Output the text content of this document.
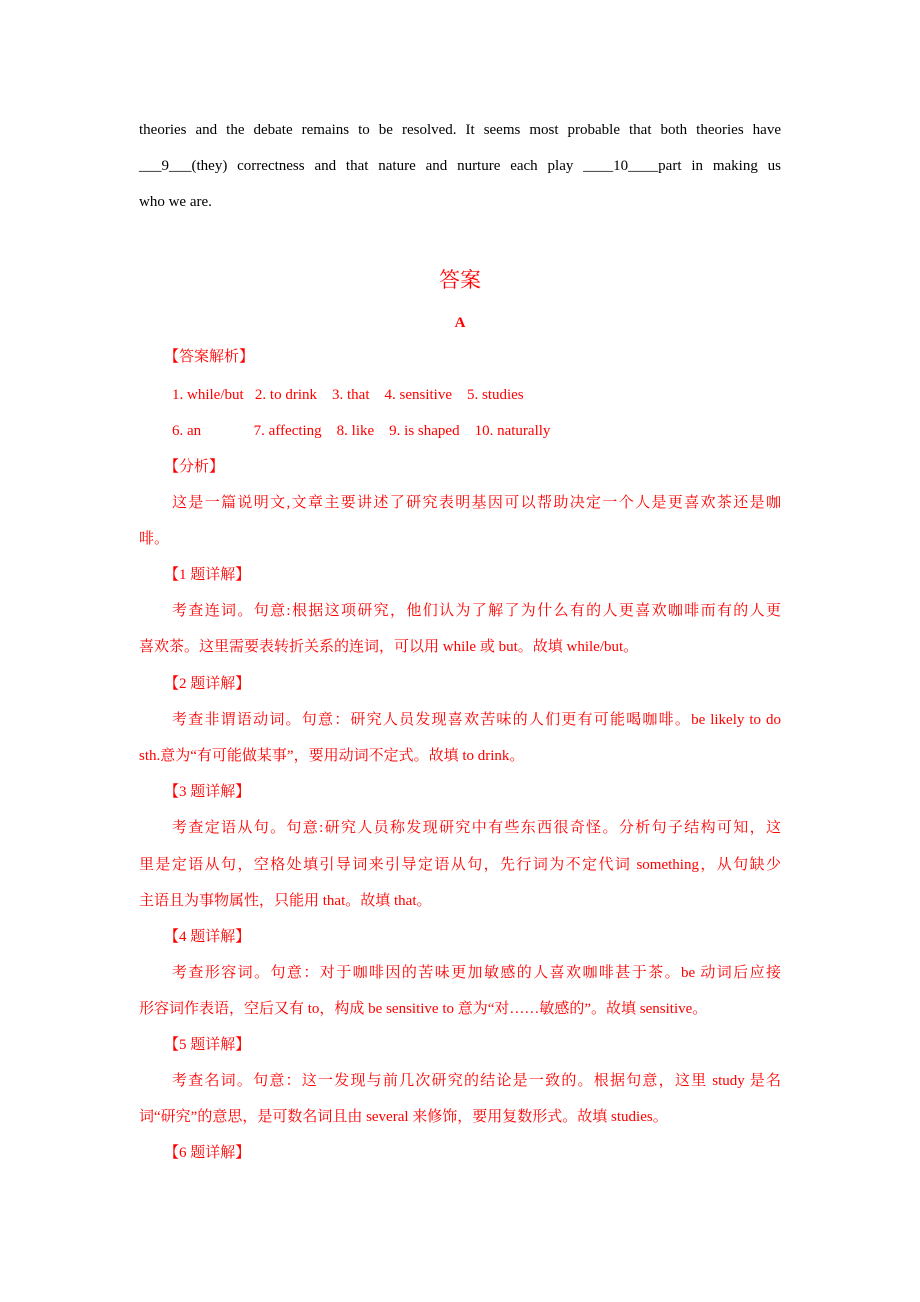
theories and the debate remains to be resolved. It seems most probable that both theories have
___9___(they) correctness and that nature and nurture each play ____10____part in making us
who we are.
答案
A
【答案解析】
1. while/but   2. to drink    3. that    4. sensitive    5. studies
6. an              7. affecting    8. like    9. is shaped    10. naturally
【分析】
这是一篇说明文,文章主要讲述了研究表明基因可以帮助决定一个人是更喜欢茶还是咖
啡。
【1 题详解】
考查连词。句意:根据这项研究，他们认为了解了为什么有的人更喜欢咖啡而有的人更
喜欢茶。这里需要表转折关系的连词，可以用 while 或 but。故填 while/but。
【2 题详解】
考查非谓语动词。句意：研究人员发现喜欢苦味的人们更有可能喝咖啡。be likely to do
sth.意为“有可能做某事”，要用动词不定式。故填 to drink。
【3 题详解】
考查定语从句。句意:研究人员称发现研究中有些东西很奇怪。分析句子结构可知，这
里是定语从句，空格处填引导词来引导定语从句，先行词为不定代词 something，从句缺少
主语且为事物属性，只能用 that。故填 that。
【4 题详解】
考查形容词。句意：对于咖啡因的苦味更加敏感的人喜欢咖啡甚于茶。be 动词后应接
形容词作表语，空后又有 to，构成 be sensitive to 意为“对……敏感的”。故填 sensitive。
【5 题详解】
考查名词。句意：这一发现与前几次研究的结论是一致的。根据句意，这里 study 是名
词“研究”的意思，是可数名词且由 several 来修饰，要用复数形式。故填 studies。
【6 题详解】
